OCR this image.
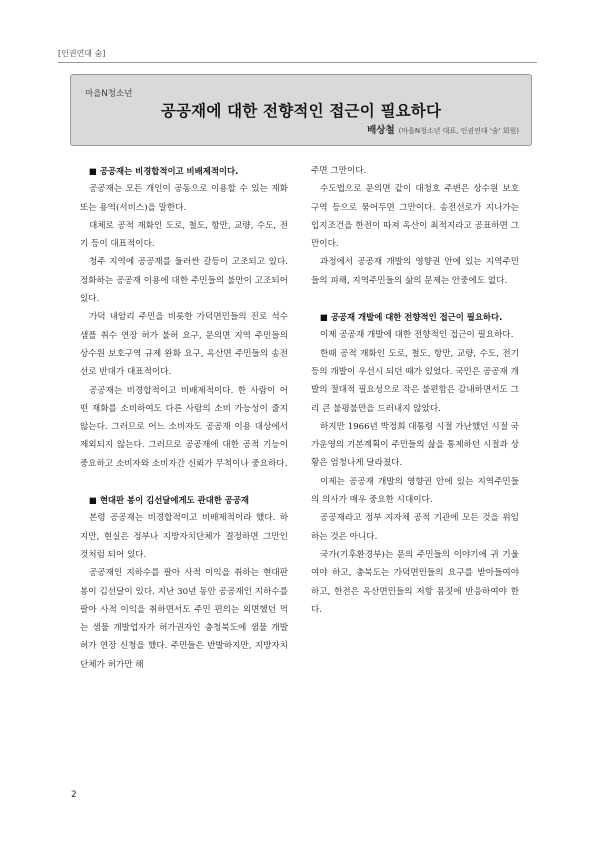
[인권연대 숨]
마을N청소년
공공재에 대한 전향적인 접근이 필요하다
배상철 (마을N청소년 대표, 인권연대 '숨' 회원)
■ 공공재는 비경합적이고 비배제적이다.

공공재는 모든 개인이 공동으로 이용할 수 있는 재화 또는 용역(서비스)을 말한다.

대체로 공적 재화인 도로, 철도, 항만, 교량, 수도, 전기 등이 대표적이다.

청주 지역에 공공재를 둘러싼 갈등이 고조되고 있다. 정화하는 공공재 이용에 대한 주민들의 불만이 고조되어 있다.

가덕 내암리 주민을 비롯한 가덕면민들의 진로 석수 샘플 취수 연장 허가 불허 요구, 문의면 지역 주민들의 상수원 보호구역 규제 완화 요구, 옥산면 주민들의 송전선로 반대가 대표적이다.

공공재는 비경합적이고 비배제적이다. 한 사람이 어떤 재화를 소비하여도 다른 사람의 소비 가능성이 줄지 않는다. 그러므로 어느 소비자도 공공재 이용 대상에서 제외되지 않는다. 그러므로 공공재에 대한 공적 기능이 중요하고 소비자와 소비자간 신뢰가 무척이나 중요하다.

■ 현대판 봉이 김선달에게도 관대한 공공재

본령 공공재는 비경합적이고 비배제적이라 했다. 하지만, 현실은 정부나 지방자치단체가 결정하면 그만인 것처럼 되어 있다.

공공재인 지하수를 팔아 사적 이익을 취하는 현대판 봉이 김선달이 있다. 지난 30년 동안 공공재인 지하수를 팔아 사적 이익을 취하면서도 주민 편의는 외면했던 먹는 샘물 개발업자가 허가권자인 충청북도에 샘물 개발 허가 연장 신청을 했다. 주민들은 반발하지만, 지방자치단체가 허가만 해

주면 그만이다.

수도법으로 문의면 같이 대청호 주변은 상수원 보호구역 등으로 묶어두면 그만이다. 송전선로가 지나가는 입지조건을 한전이 따져 옥산이 최적지라고 공표하면 그만이다.

과정에서 공공재 개발의 영향권 안에 있는 지역주민들의 피해, 지역주민들의 삶의 문제는 안중에도 없다.

■ 공공재 개발에 대한 전향적인 접근이 필요하다.

이제 공공재 개발에 대한 전향적인 접근이 필요하다.

한때 공적 재화인 도로, 철도, 항만, 교량, 수도, 전기 등의 개발이 우선시 되던 때가 있었다. 국민은 공공재 개발의 절대적 필요성으로 작은 불편함은 감내하면서도 그리 큰 불평불만을 드러내지 않았다.

하지만 1966년 박정희 대통령 시절 가난했던 시절 국가운영의 기본계획이 주민들의 삶을 통제하던 시절과 상황은 엄청나게 달라졌다.

이제는 공공재 개발의 영향권 안에 있는 지역주민들의 의사가 매우 중요한 시대이다.

공공재라고 정부 지자체 공적 기관에 모든 것을 위임하는 것은 아니다.

국가(기후환경부)는 문의 주민들의 이야기에 귀 기울여야 하고, 충북도는 가덕면민들의 요구를 받아들여야 하고, 한전은 옥산면민들의 저항 몸짓에 반응하여야 한다.

2
